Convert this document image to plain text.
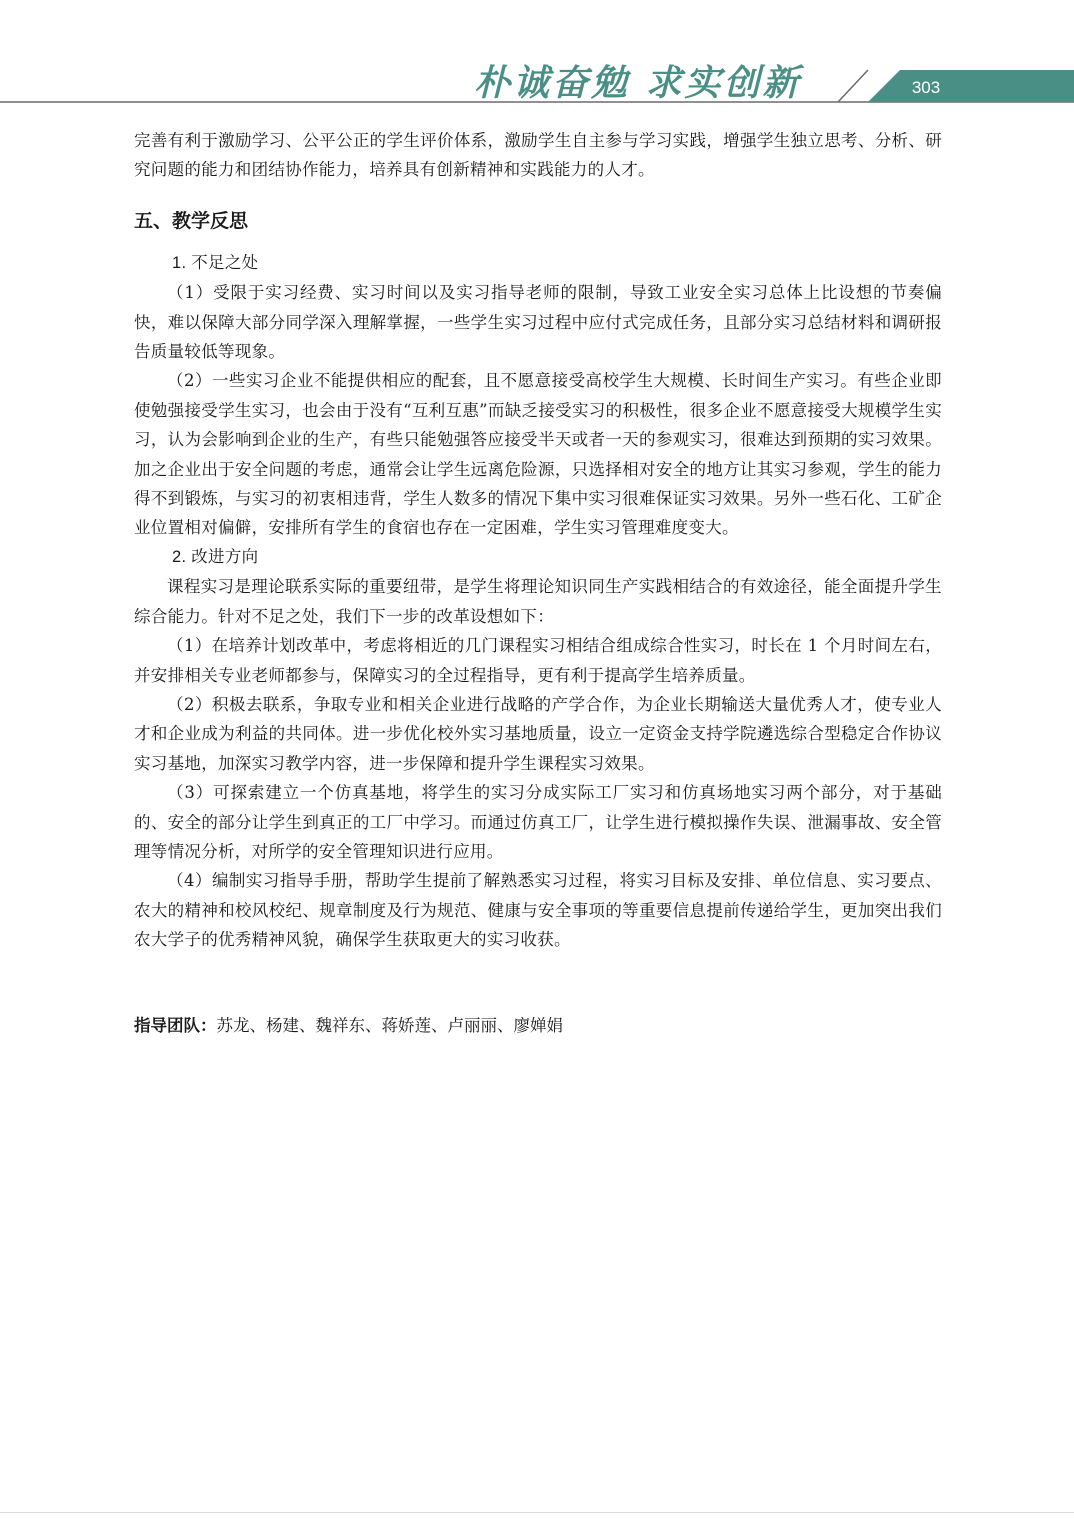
朴诚奋勉 求实创新	303

完善有利于激励学习、公平公正的学生评价体系，激励学生自主参与学习实践，增强学生独立思考、分析、研究问题的能力和团结协作能力，培养具有创新精神和实践能力的人才。

五、教学反思

1. 不足之处

（1）受限于实习经费、实习时间以及实习指导老师的限制，导致工业安全实习总体上比设想的节奏偏快，难以保障大部分同学深入理解掌握，一些学生实习过程中应付式完成任务，且部分实习总结材料和调研报告质量较低等现象。

（2）一些实习企业不能提供相应的配套，且不愿意接受高校学生大规模、长时间生产实习。有些企业即使勉强接受学生实习，也会由于没有“互利互惠”而缺乏接受实习的积极性，很多企业不愿意接受大规模学生实习，认为会影响到企业的生产，有些只能勉强答应接受半天或者一天的参观实习，很难达到预期的实习效果。加之企业出于安全问题的考虑，通常会让学生远离危险源，只选择相对安全的地方让其实习参观，学生的能力得不到锻炼，与实习的初衷相违背，学生人数多的情况下集中实习很难保证实习效果。另外一些石化、工矿企业位置相对偏僻，安排所有学生的食宿也存在一定困难，学生实习管理难度变大。

2. 改进方向

课程实习是理论联系实际的重要纽带，是学生将理论知识同生产实践相结合的有效途径，能全面提升学生综合能力。针对不足之处，我们下一步的改革设想如下：

（1）在培养计划改革中，考虑将相近的几门课程实习相结合组成综合性实习，时长在 1 个月时间左右，并安排相关专业老师都参与，保障实习的全过程指导，更有利于提高学生培养质量。

（2）积极去联系，争取专业和相关企业进行战略的产学合作，为企业长期输送大量优秀人才，使专业人才和企业成为利益的共同体。进一步优化校外实习基地质量，设立一定资金支持学院遴选综合型稳定合作协议实习基地，加深实习教学内容，进一步保障和提升学生课程实习效果。

（3）可探索建立一个仿真基地，将学生的实习分成实际工厂实习和仿真场地实习两个部分，对于基础的、安全的部分让学生到真正的工厂中学习。而通过仿真工厂，让学生进行模拟操作失误、泄漏事故、安全管理等情况分析，对所学的安全管理知识进行应用。

（4）编制实习指导手册，帮助学生提前了解熟悉实习过程，将实习目标及安排、单位信息、实习要点、农大的精神和校风校纪、规章制度及行为规范、健康与安全事项的等重要信息提前传递给学生，更加突出我们农大学子的优秀精神风貌，确保学生获取更大的实习收获。

指导团队：苏龙、杨建、魏祥东、蒋娇莲、卢丽丽、廖婵娟
